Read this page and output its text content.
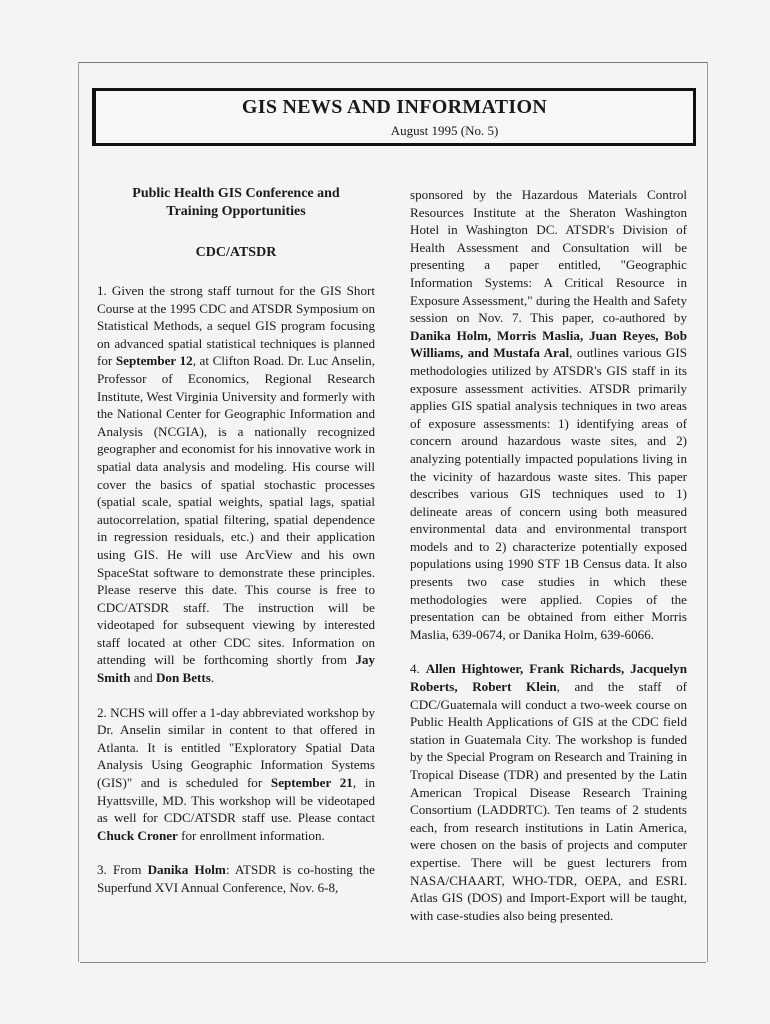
GIS NEWS AND INFORMATION
August 1995 (No. 5)
Public Health GIS Conference and
Training Opportunities
CDC/ATSDR

1. Given the strong staff turnout for the GIS Short Course at the 1995 CDC and ATSDR Symposium on Statistical Methods, a sequel GIS program focusing on advanced spatial statistical techniques is planned for September 12, at Clifton Road. Dr. Luc Anselin, Professor of Economics, Regional Research Institute, West Virginia University and formerly with the National Center for Geographic Information and Analysis (NCGIA), is a nationally recognized geographer and economist for his innovative work in spatial data analysis and modeling. His course will cover the basics of spatial stochastic processes (spatial scale, spatial weights, spatial lags, spatial autocorrelation, spatial filtering, spatial dependence in regression residuals, etc.) and their application using GIS. He will use ArcView and his own SpaceStat software to demonstrate these principles. Please reserve this date. This course is free to CDC/ATSDR staff. The instruction will be videotaped for subsequent viewing by interested staff located at other CDC sites. Information on attending will be forthcoming shortly from Jay Smith and Don Betts.

2. NCHS will offer a 1-day abbreviated workshop by Dr. Anselin similar in content to that offered in Atlanta. It is entitled "Exploratory Spatial Data Analysis Using Geographic Information Systems (GIS)" and is scheduled for September 21, in Hyattsville, MD. This workshop will be videotaped as well for CDC/ATSDR staff use. Please contact Chuck Croner for enrollment information.

3. From Danika Holm: ATSDR is co-hosting the Superfund XVI Annual Conference, Nov. 6-8,

sponsored by the Hazardous Materials Control Resources Institute at the Sheraton Washington Hotel in Washington DC. ATSDR's Division of Health Assessment and Consultation will be presenting a paper entitled, "Geographic Information Systems: A Critical Resource in Exposure Assessment," during the Health and Safety session on Nov. 7. This paper, co-authored by Danika Holm, Morris Maslia, Juan Reyes, Bob Williams, and Mustafa Aral, outlines various GIS methodologies utilized by ATSDR's GIS staff in its exposure assessment activities. ATSDR primarily applies GIS spatial analysis techniques in two areas of exposure assessments: 1) identifying areas of concern around hazardous waste sites, and 2) analyzing potentially impacted populations living in the vicinity of hazardous waste sites. This paper describes various GIS techniques used to 1) delineate areas of concern using both measured environmental data and environmental transport models and to 2) characterize potentially exposed populations using 1990 STF 1B Census data. It also presents two case studies in which these methodologies were applied. Copies of the presentation can be obtained from either Morris Maslia, 639-0674, or Danika Holm, 639-6066.

4. Allen Hightower, Frank Richards, Jacquelyn Roberts, Robert Klein, and the staff of CDC/Guatemala will conduct a two-week course on Public Health Applications of GIS at the CDC field station in Guatemala City. The workshop is funded by the Special Program on Research and Training in Tropical Disease (TDR) and presented by the Latin American Tropical Disease Research Training Consortium (LADDRTC). Ten teams of 2 students each, from research institutions in Latin America, were chosen on the basis of projects and computer expertise. There will be guest lecturers from NASA/CHAART, WHO-TDR, OEPA, and ESRI. Atlas GIS (DOS) and Import-Export will be taught, with case-studies also being presented.
